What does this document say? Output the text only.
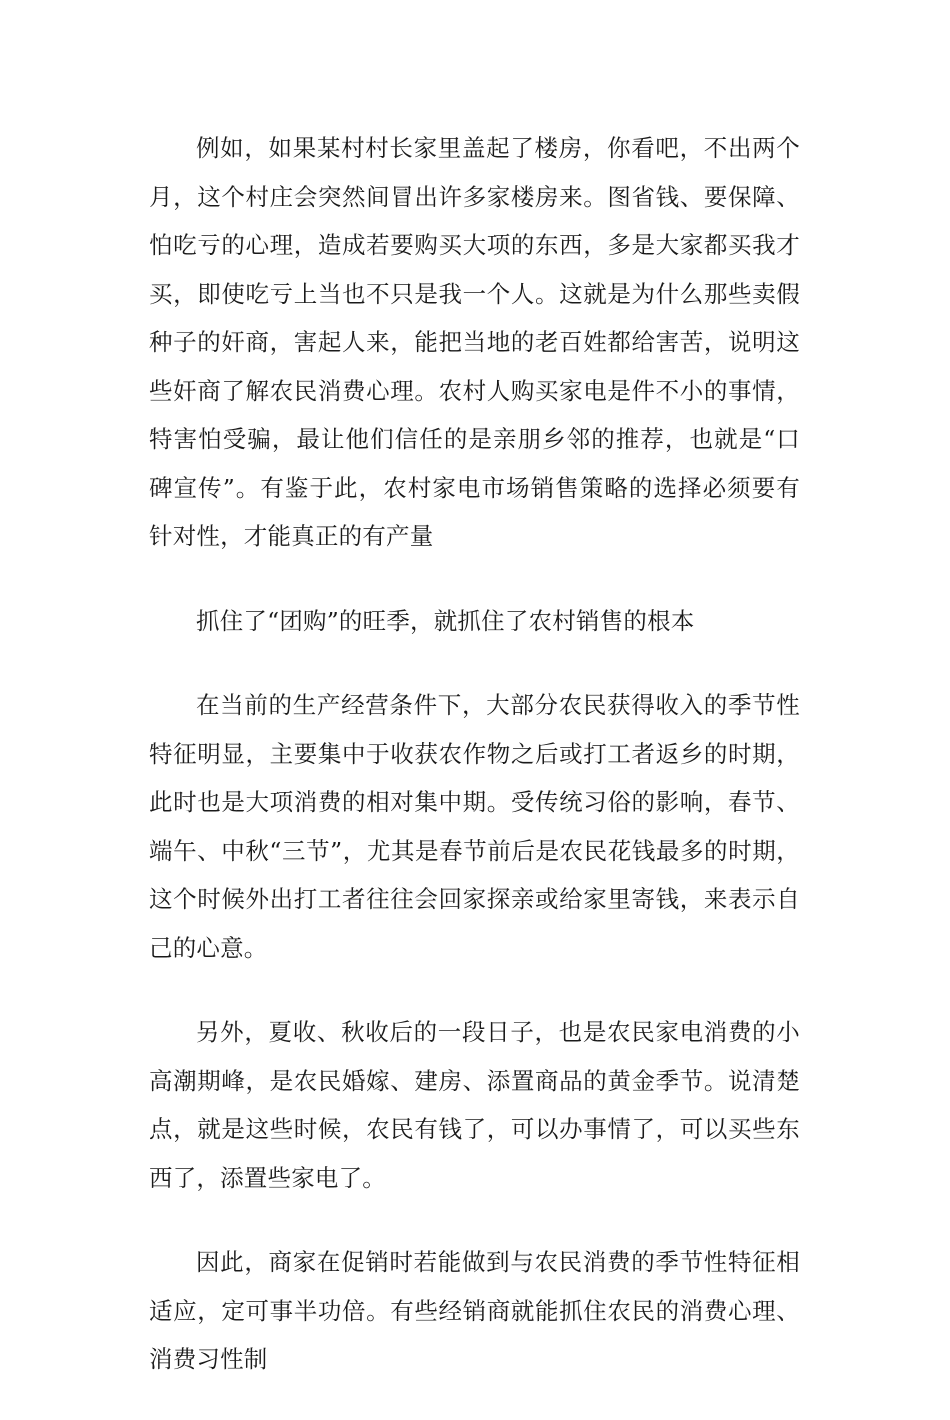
例如，如果某村村长家里盖起了楼房，你看吧，不出两个月，这个村庄会突然间冒出许多家楼房来。图省钱、要保障、怕吃亏的心理，造成若要购买大项的东西，多是大家都买我才买，即使吃亏上当也不只是我一个人。这就是为什么那些卖假种子的奸商，害起人来，能把当地的老百姓都给害苦，说明这些奸商了解农民消费心理。农村人购买家电是件不小的事情，特害怕受骗，最让他们信任的是亲朋乡邻的推荐，也就是“口碑宣传”。有鉴于此，农村家电市场销售策略的选择必须要有针对性，才能真正的有产量

抓住了“团购”的旺季，就抓住了农村销售的根本

在当前的生产经营条件下，大部分农民获得收入的季节性特征明显，主要集中于收获农作物之后或打工者返乡的时期，此时也是大项消费的相对集中期。受传统习俗的影响，春节、端午、中秋“三节”，尤其是春节前后是农民花钱最多的时期，这个时候外出打工者往往会回家探亲或给家里寄钱，来表示自己的心意。

另外，夏收、秋收后的一段日子，也是农民家电消费的小高潮期峰，是农民婚嫁、建房、添置商品的黄金季节。说清楚点，就是这些时候，农民有钱了，可以办事情了，可以买些东西了，添置些家电了。

因此，商家在促销时若能做到与农民消费的季节性特征相适应，定可事半功倍。有些经销商就能抓住农民的消费心理、消费习性制
